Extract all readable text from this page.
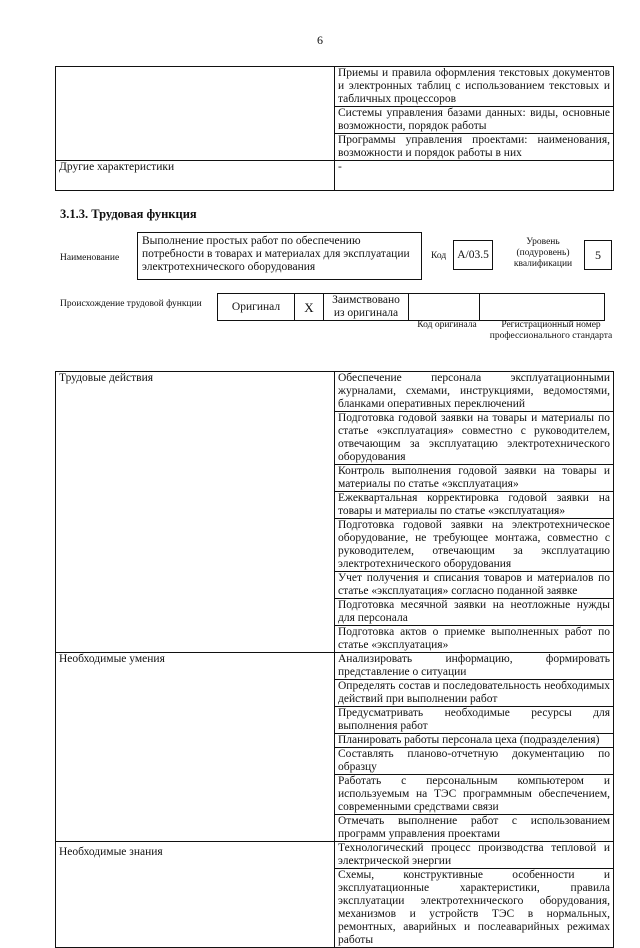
6
	Приемы и правила оформления текстовых документов и электронных таблиц с использованием текстовых и табличных процессоров
	Системы управления базами данных: виды, основные возможности, порядок работы
	Программы управления проектами: наименования, возможности и порядок работы в них
Другие характеристики	-
3.1.3. Трудовая функция
Наименование
Выполнение простых работ по обеспечению потребности в товарах и материалах для эксплуатации электротехнического оборудования
Код A/03.5
Уровень (подуровень) квалификации
5
Происхождение трудовой функции	Оригинал	X	Заимствовано из оригинала		
Код оригинала	Регистрационный номер профессионального стандарта
Трудовые действия	Обеспечение персонала эксплуатационными журналами, схемами, инструкциями, ведомостями, бланками оперативных переключений
	Подготовка годовой заявки на товары и материалы по статье «эксплуатация» совместно с руководителем, отвечающим за эксплуатацию электротехнического оборудования
	Контроль выполнения годовой заявки на товары и материалы по статье «эксплуатация»
	Ежеквартальная корректировка годовой заявки на товары и материалы по статье «эксплуатация»
	Подготовка годовой заявки на электротехническое оборудование, не требующее монтажа, совместно с руководителем, отвечающим за эксплуатацию электротехнического оборудования
	Учет получения и списания товаров и материалов по статье «эксплуатация» согласно поданной заявке
	Подготовка месячной заявки на неотложные нужды для персонала
	Подготовка актов о приемке выполненных работ по статье «эксплуатация»
Необходимые умения	Анализировать информацию, формировать представление о ситуации
	Определять состав и последовательность необходимых действий при выполнении работ
	Предусматривать необходимые ресурсы для выполнения работ
	Планировать работы персонала цеха (подразделения)
	Составлять планово-отчетную документацию по образцу
	Работать с персональным компьютером и используемым на ТЭС программным обеспечением, современными средствами связи
	Отмечать выполнение работ с использованием программ управления проектами
Необходимые знания	Технологический процесс производства тепловой и электрической энергии
	Схемы, конструктивные особенности и эксплуатационные характеристики, правила эксплуатации электротехнического оборудования, механизмов и устройств ТЭС в нормальных, ремонтных, аварийных и послеаварийных режимах работы
